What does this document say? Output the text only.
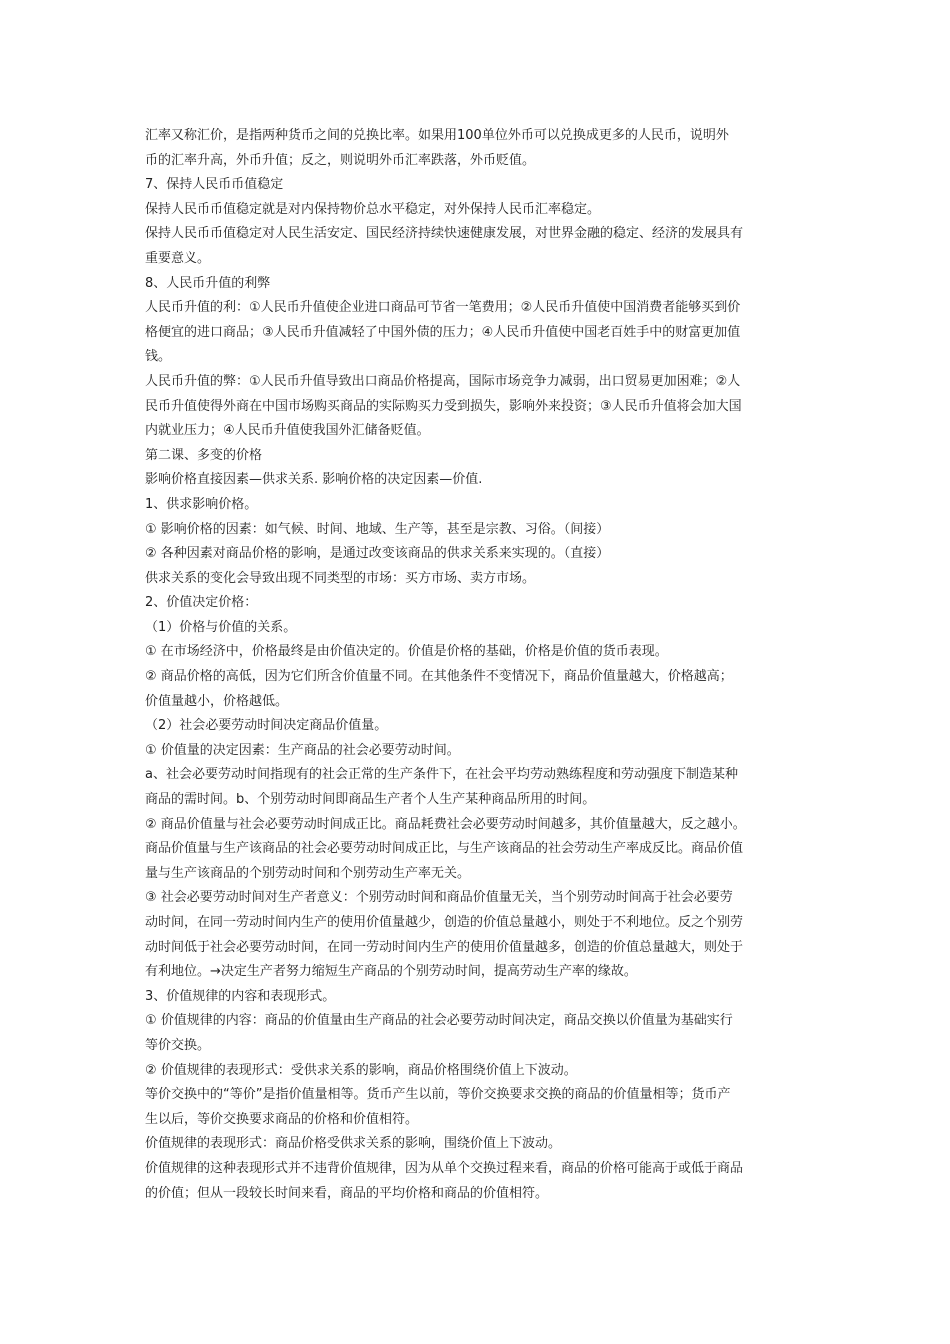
汇率又称汇价，是指两种货币之间的兑换比率。如果用100单位外币可以兑换成更多的人民币，说明外
币的汇率升高，外币升值；反之，则说明外币汇率跌落，外币贬值。
7、保持人民币币值稳定
保持人民币币值稳定就是对内保持物价总水平稳定，对外保持人民币汇率稳定。
保持人民币币值稳定对人民生活安定、国民经济持续快速健康发展，对世界金融的稳定、经济的发展具有
重要意义。
8、人民币升值的利弊
人民币升值的利：①人民币升值使企业进口商品可节省一笔费用；②人民币升值使中国消费者能够买到价
格便宜的进口商品；③人民币升值减轻了中国外债的压力；④人民币升值使中国老百姓手中的财富更加值
钱。
人民币升值的弊：①人民币升值导致出口商品价格提高，国际市场竞争力减弱，出口贸易更加困难；②人
民币升值使得外商在中国市场购买商品的实际购买力受到损失，影响外来投资；③人民币升值将会加大国
内就业压力；④人民币升值使我国外汇储备贬值。
第二课、多变的价格
影响价格直接因素—供求关系. 影响价格的决定因素—价值.
1、供求影响价格。
① 影响价格的因素：如气候、时间、地域、生产等，甚至是宗教、习俗。（间接）
② 各种因素对商品价格的影响，是通过改变该商品的供求关系来实现的。（直接）
供求关系的变化会导致出现不同类型的市场：买方市场、卖方市场。
2、价值决定价格：
（1）价格与价值的关系。
① 在市场经济中，价格最终是由价值决定的。价值是价格的基础，价格是价值的货币表现。
② 商品价格的高低，因为它们所含价值量不同。在其他条件不变情况下，商品价值量越大，价格越高；
价值量越小，价格越低。
（2）社会必要劳动时间决定商品价值量。
① 价值量的决定因素：生产商品的社会必要劳动时间。
a、社会必要劳动时间指现有的社会正常的生产条件下，在社会平均劳动熟练程度和劳动强度下制造某种
商品的需时间。b、个别劳动时间即商品生产者个人生产某种商品所用的时间。
② 商品价值量与社会必要劳动时间成正比。商品耗费社会必要劳动时间越多，其价值量越大，反之越小。
商品价值量与生产该商品的社会必要劳动时间成正比，与生产该商品的社会劳动生产率成反比。商品价值
量与生产该商品的个别劳动时间和个别劳动生产率无关。
③ 社会必要劳动时间对生产者意义：个别劳动时间和商品价值量无关，当个别劳动时间高于社会必要劳
动时间，在同一劳动时间内生产的使用价值量越少，创造的价值总量越小，则处于不利地位。反之个别劳
动时间低于社会必要劳动时间，在同一劳动时间内生产的使用价值量越多，创造的价值总量越大，则处于
有利地位。→决定生产者努力缩短生产商品的个别劳动时间，提高劳动生产率的缘故。
3、价值规律的内容和表现形式。
① 价值规律的内容：商品的价值量由生产商品的社会必要劳动时间决定，商品交换以价值量为基础实行
等价交换。
② 价值规律的表现形式：受供求关系的影响，商品价格围绕价值上下波动。
等价交换中的“等价”是指价值量相等。货币产生以前，等价交换要求交换的商品的价值量相等；货币产
生以后，等价交换要求商品的价格和价值相符。
价值规律的表现形式：商品价格受供求关系的影响，围绕价值上下波动。
价值规律的这种表现形式并不违背价值规律，因为从单个交换过程来看，商品的价格可能高于或低于商品
的价值；但从一段较长时间来看，商品的平均价格和商品的价值相符。
